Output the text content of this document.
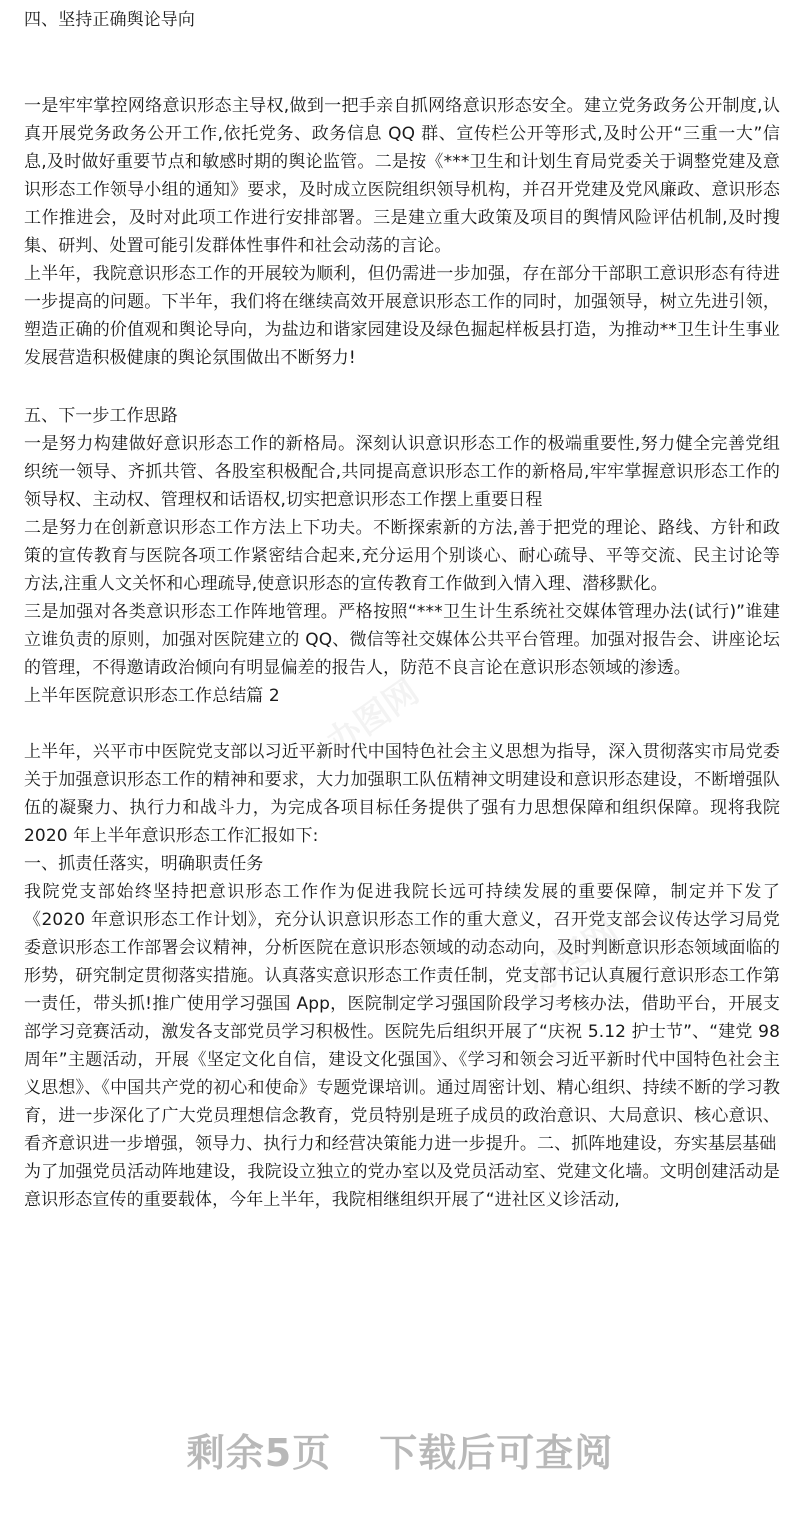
四、坚持正确舆论导向

一是牢牢掌控网络意识形态主导权,做到一把手亲自抓网络意识形态安全。建立党务政务公开制度,认真开展党务政务公开工作,依托党务、政务信息 QQ 群、宣传栏公开等形式,及时公开“三重一大”信息,及时做好重要节点和敏感时期的舆论监管。二是按《***卫生和计划生育局党委关于调整党建及意识形态工作领导小组的通知》要求，及时成立医院组织领导机构，并召开党建及党风廉政、意识形态工作推进会，及时对此项工作进行安排部署。三是建立重大政策及项目的舆情风险评估机制,及时搜集、研判、处置可能引发群体性事件和社会动荡的言论。

上半年，我院意识形态工作的开展较为顺利，但仍需进一步加强，存在部分干部职工意识形态有待进一步提高的问题。下半年，我们将在继续高效开展意识形态工作的同时，加强领导，树立先进引领，塑造正确的价值观和舆论导向，为盐边和谐家园建设及绿色掘起样板县打造，为推动**卫生计生事业发展营造积极健康的舆论氛围做出不断努力!

五、下一步工作思路

一是努力构建做好意识形态工作的新格局。深刻认识意识形态工作的极端重要性,努力健全完善党组织统一领导、齐抓共管、各股室积极配合,共同提高意识形态工作的新格局,牢牢掌握意识形态工作的领导权、主动权、管理权和话语权,切实把意识形态工作摆上重要日程

二是努力在创新意识形态工作方法上下功夫。不断探索新的方法,善于把党的理论、路线、方针和政策的宣传教育与医院各项工作紧密结合起来,充分运用个别谈心、耐心疏导、平等交流、民主讨论等方法,注重人文关怀和心理疏导,使意识形态的宣传教育工作做到入情入理、潜移默化。

三是加强对各类意识形态工作阵地管理。严格按照“***卫生计生系统社交媒体管理办法(试行)”谁建立谁负责的原则，加强对医院建立的 QQ、微信等社交媒体公共平台管理。加强对报告会、讲座论坛的管理，不得邀请政治倾向有明显偏差的报告人，防范不良言论在意识形态领域的渗透。

上半年医院意识形态工作总结篇 2

上半年，兴平市中医院党支部以习近平新时代中国特色社会主义思想为指导，深入贯彻落实市局党委关于加强意识形态工作的精神和要求，大力加强职工队伍精神文明建设和意识形态建设，不断增强队伍的凝聚力、执行力和战斗力，为完成各项目标任务提供了强有力思想保障和组织保障。现将我院 2020 年上半年意识形态工作汇报如下:

一、抓责任落实，明确职责任务

我院党支部始终坚持把意识形态工作作为促进我院长远可持续发展的重要保障，制定并下发了《2020 年意识形态工作计划》，充分认识意识形态工作的重大意义，召开党支部会议传达学习局党委意识形态工作部署会议精神，分析医院在意识形态领域的动态动向，及时判断意识形态领域面临的形势，研究制定贯彻落实措施。认真落实意识形态工作责任制，党支部书记认真履行意识形态工作第一责任，带头抓!推广使用学习强国 App，医院制定学习强国阶段学习考核办法，借助平台，开展支部学习竞赛活动，激发各支部党员学习积极性。医院先后组织开展了“庆祝 5.12 护士节”、“建党 98 周年”主题活动，开展《坚定文化自信，建设文化强国》、《学习和领会习近平新时代中国特色社会主义思想》、《中国共产党的初心和使命》专题党课培训。通过周密计划、精心组织、持续不断的学习教育，进一步深化了广大党员理想信念教育，党员特别是班子成员的政治意识、大局意识、核心意识、看齐意识进一步增强，领导力、执行力和经营决策能力进一步提升。二、抓阵地建设，夯实基层基础

为了加强党员活动阵地建设，我院设立独立的党办室以及党员活动室、党建文化墙。文明创建活动是意识形态宣传的重要载体，今年上半年，我院相继组织开展了“进社区义诊活动,

办图网
办图网
剩余5页 下载后可查阅
